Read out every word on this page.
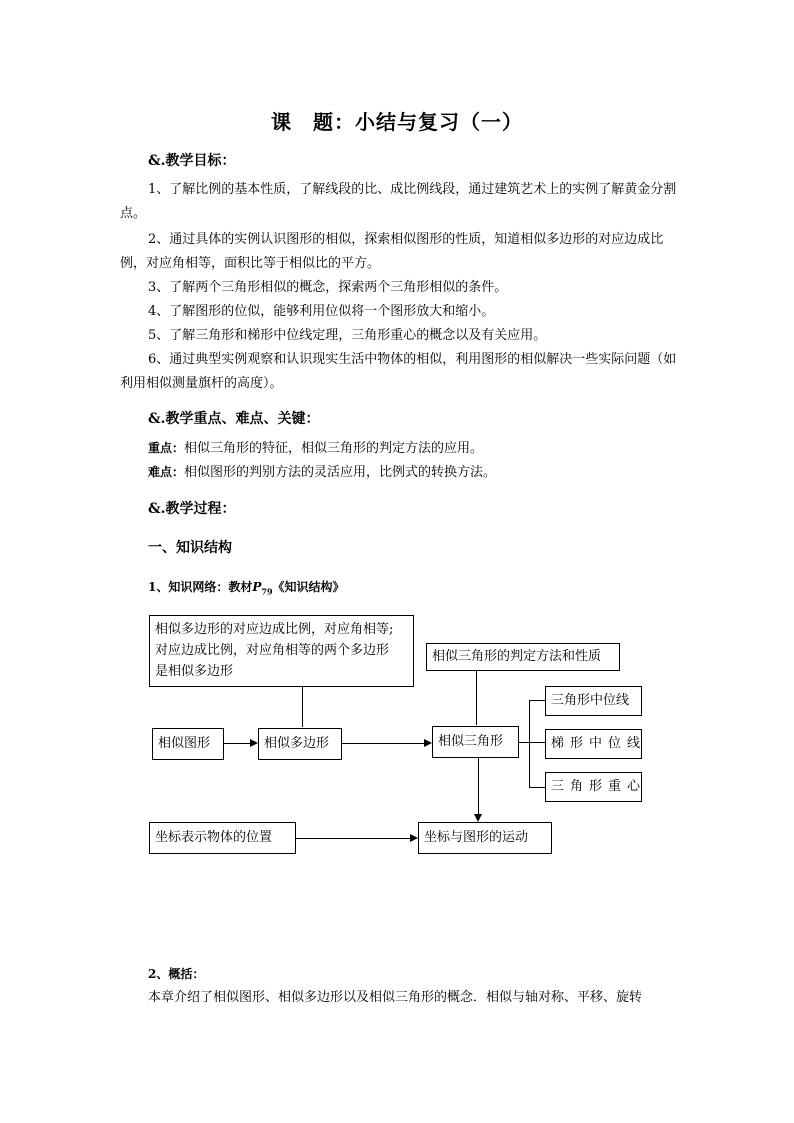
课　题：小结与复习（一）
&.教学目标：
1、了解比例的基本性质，了解线段的比、成比例线段，通过建筑艺术上的实例了解黄金分割点。
2、通过具体的实例认识图形的相似，探索相似图形的性质，知道相似多边形的对应边成比例，对应角相等，面积比等于相似比的平方。
3、了解两个三角形相似的概念，探索两个三角形相似的条件。
4、了解图形的位似，能够利用位似将一个图形放大和缩小。
5、了解三角形和梯形中位线定理，三角形重心的概念以及有关应用。
6、通过典型实例观察和认识现实生活中物体的相似，利用图形的相似解决一些实际问题（如利用相似测量旗杆的高度）。
&.教学重点、难点、关键：
重点：相似三角形的特征，相似三角形的判定方法的应用。
难点：相似图形的判别方法的灵活应用，比例式的转换方法。
&.教学过程：
一、知识结构
1、知识网络：教材$P_{79}$《知识结构》
相似多边形的对应边成比例，对应角相等;
对应边成比例，对应角相等的两个多边形
是相似多边形
相似三角形的判定方法和性质
相似图形	相似多边形	相似三角形
三角形中位线
梯形中位线
三角形重心
坐标表示物体的位置	坐标与图形的运动
2、概括：
本章介绍了相似图形、相似多边形以及相似三角形的概念．相似与轴对称、平移、旋转
